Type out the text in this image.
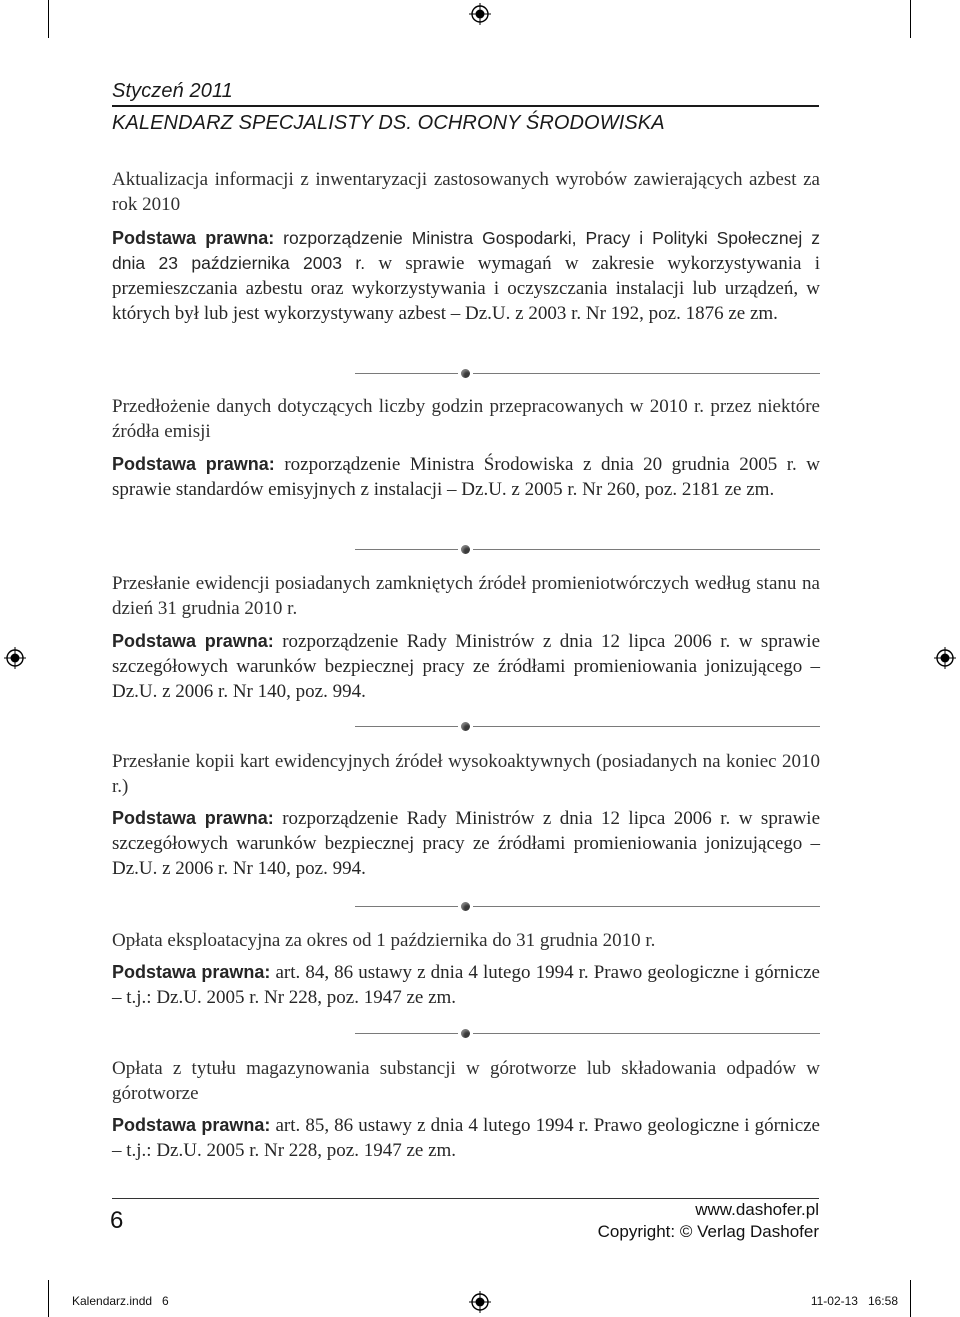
Styczeń 2011
KALENDARZ SPECJALISTY DS. OCHRONY ŚRODOWISKA
Aktualizacja informacji z inwentaryzacji zastosowanych wyrobów zawierających azbest za rok 2010
Podstawa prawna: rozporządzenie Ministra Gospodarki, Pracy i Polityki Społecznej z dnia 23 października 2003 r. w sprawie wymagań w zakresie wykorzystywania i przemieszczania azbestu oraz wykorzystywania i oczyszczania instalacji lub urządzeń, w których był lub jest wykorzystywany azbest – Dz.U. z 2003 r. Nr 192, poz. 1876 ze zm.
Przedłożenie danych dotyczących liczby godzin przepracowanych w 2010 r. przez niektóre źródła emisji
Podstawa prawna: rozporządzenie Ministra Środowiska z dnia 20 grudnia 2005 r. w sprawie standardów emisyjnych z instalacji – Dz.U. z 2005 r. Nr 260, poz. 2181 ze zm.
Przesłanie ewidencji posiadanych zamkniętych źródeł promieniotwórczych według stanu na dzień 31 grudnia 2010 r.
Podstawa prawna: rozporządzenie Rady Ministrów z dnia 12 lipca 2006 r. w sprawie szczegółowych warunków bezpiecznej pracy ze źródłami promieniowania jonizującego – Dz.U. z 2006 r. Nr 140, poz. 994.
Przesłanie kopii kart ewidencyjnych źródeł wysokoaktywnych (posiadanych na koniec 2010 r.)
Podstawa prawna: rozporządzenie Rady Ministrów z dnia 12 lipca 2006 r. w sprawie szczegółowych warunków bezpiecznej pracy ze źródłami promieniowania jonizującego – Dz.U. z 2006 r. Nr 140, poz. 994.
Opłata eksploatacyjna za okres od 1 października do 31 grudnia 2010 r.
Podstawa prawna: art. 84, 86 ustawy z dnia 4 lutego 1994 r. Prawo geologiczne i górnicze – t.j.: Dz.U. 2005 r. Nr 228, poz. 1947 ze zm.
Opłata z tytułu magazynowania substancji w górotworze lub składowania odpadów w górotworze
Podstawa prawna: art. 85, 86 ustawy z dnia 4 lutego 1994 r. Prawo geologiczne i górnicze – t.j.: Dz.U. 2005 r. Nr 228, poz. 1947 ze zm.
6	www.dashofer.pl
Copyright: © Verlag Dashofer
Kalendarz.indd   6	11-02-13   16:58
